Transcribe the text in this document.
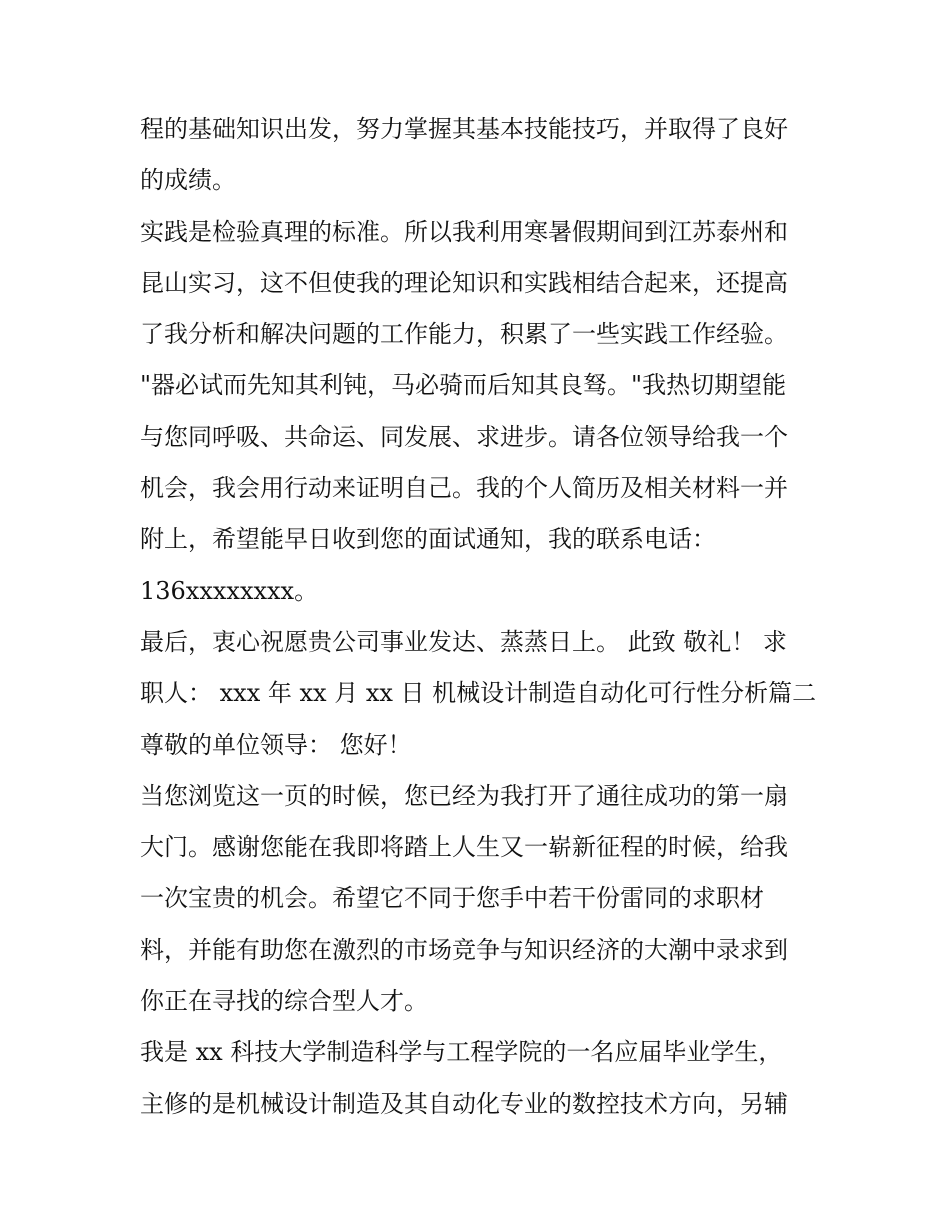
程的基础知识出发，努力掌握其基本技能技巧，并取得了良好
的成绩。
实践是检验真理的标准。所以我利用寒暑假期间到江苏泰州和
昆山实习，这不但使我的理论知识和实践相结合起来，还提高
了我分析和解决问题的工作能力，积累了一些实践工作经验。
"器必试而先知其利钝，马必骑而后知其良驽。"我热切期望能
与您同呼吸、共命运、同发展、求进步。请各位领导给我一个
机会，我会用行动来证明自己。我的个人简历及相关材料一并
附上，希望能早日收到您的面试通知，我的联系电话：
136xxxxxxxx。
最后，衷心祝愿贵公司事业发达、蒸蒸日上。 此致 敬礼！ 求
职人： xxx 年 xx 月 xx 日 机械设计制造自动化可行性分析篇二
尊敬的单位领导： 您好！
当您浏览这一页的时候，您已经为我打开了通往成功的第一扇
大门。感谢您能在我即将踏上人生又一崭新征程的时候，给我
一次宝贵的机会。希望它不同于您手中若干份雷同的求职材
料，并能有助您在激烈的市场竞争与知识经济的大潮中录求到
你正在寻找的综合型人才。
我是 xx 科技大学制造科学与工程学院的一名应届毕业学生，
主修的是机械设计制造及其自动化专业的数控技术方向，另辅
